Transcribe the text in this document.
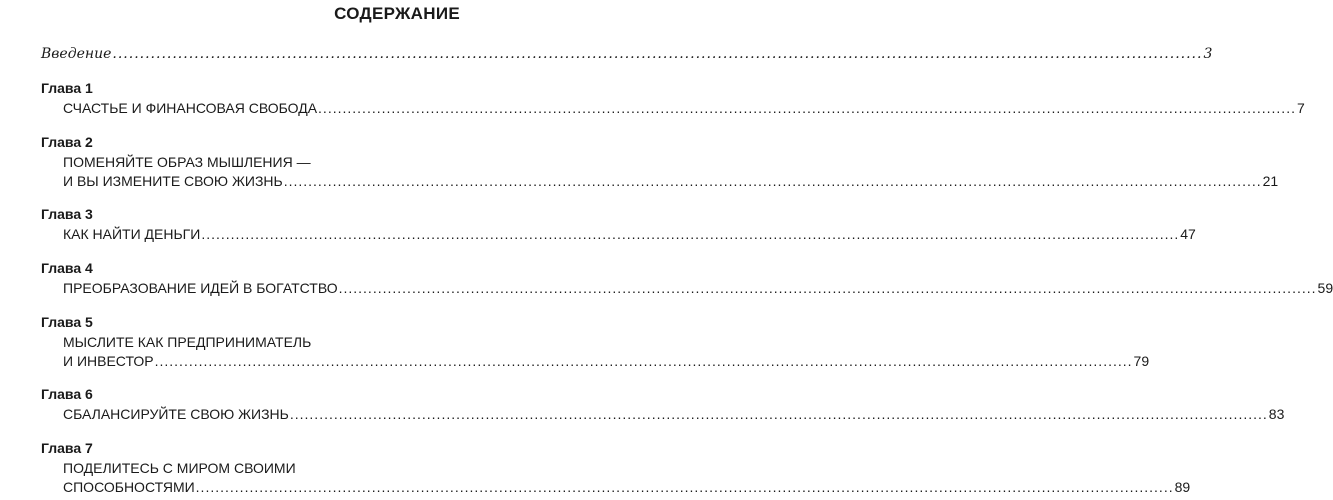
СОДЕРЖАНИЕ
Введение ........................................................................................................................................................................................................ 3
Глава 1
СЧАСТЬЕ И ФИНАНСОВАЯ СВОБОДА ........................................................................................................................................................................................................ 7
Глава 2
ПОМЕНЯЙТЕ ОБРАЗ МЫШЛЕНИЯ —
И ВЫ ИЗМЕНИТЕ СВОЮ ЖИЗНЬ ........................................................................................................................................................................................................ 21
Глава 3
КАК НАЙТИ ДЕНЬГИ ........................................................................................................................................................................................................ 47
Глава 4
ПРЕОБРАЗОВАНИЕ ИДЕЙ В БОГАТСТВО ........................................................................................................................................................................................................ 59
Глава 5
МЫСЛИТЕ КАК ПРЕДПРИНИМАТЕЛЬ
И ИНВЕСТОР ........................................................................................................................................................................................................ 79
Глава 6
СБАЛАНСИРУЙТЕ СВОЮ ЖИЗНЬ ........................................................................................................................................................................................................ 83
Глава 7
ПОДЕЛИТЕСЬ С МИРОМ СВОИМИ
СПОСОБНОСТЯМИ ........................................................................................................................................................................................................ 89
